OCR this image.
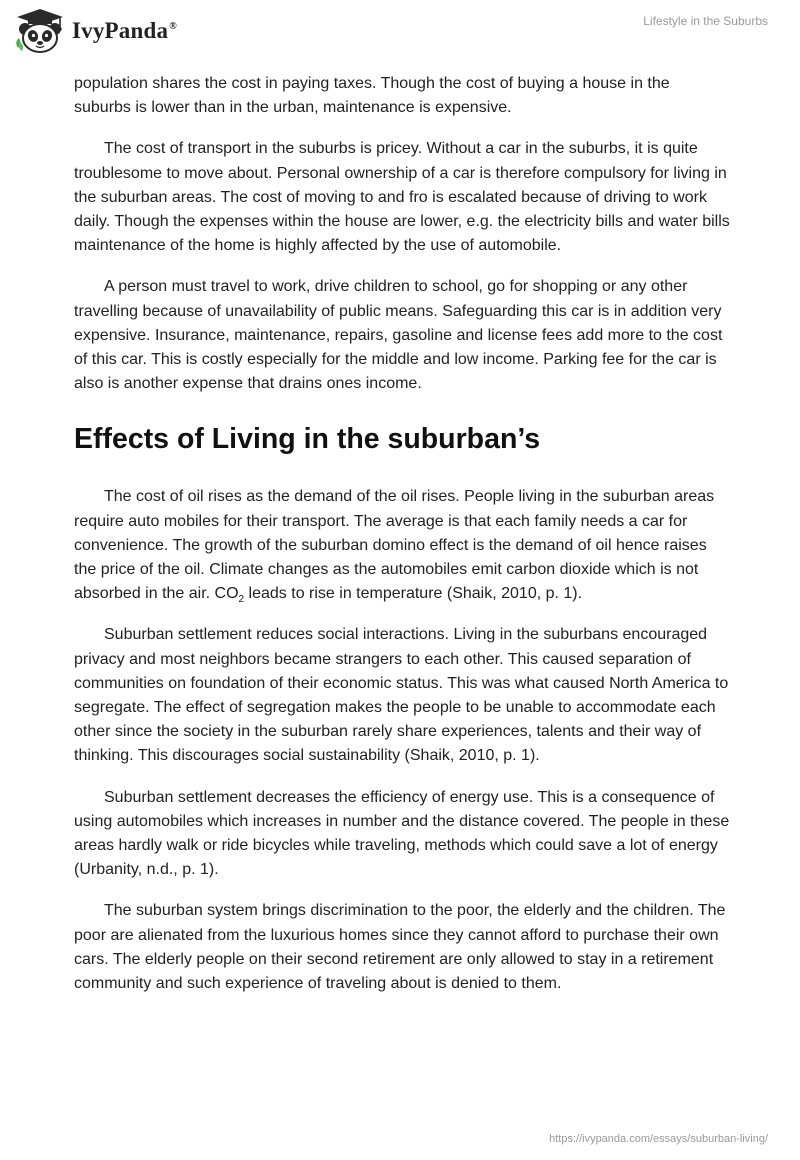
IvyPanda®	Lifestyle in the Suburbs

population shares the cost in paying taxes. Though the cost of buying a house in the suburbs is lower than in the urban, maintenance is expensive.

The cost of transport in the suburbs is pricey. Without a car in the suburbs, it is quite troublesome to move about. Personal ownership of a car is therefore compulsory for living in the suburban areas. The cost of moving to and fro is escalated because of driving to work daily. Though the expenses within the house are lower, e.g. the electricity bills and water bills maintenance of the home is highly affected by the use of automobile.

A person must travel to work, drive children to school, go for shopping or any other travelling because of unavailability of public means. Safeguarding this car is in addition very expensive. Insurance, maintenance, repairs, gasoline and license fees add more to the cost of this car. This is costly especially for the middle and low income. Parking fee for the car is also is another expense that drains ones income.

Effects of Living in the suburban’s

The cost of oil rises as the demand of the oil rises. People living in the suburban areas require auto mobiles for their transport. The average is that each family needs a car for convenience. The growth of the suburban domino effect is the demand of oil hence raises the price of the oil. Climate changes as the automobiles emit carbon dioxide which is not absorbed in the air. $CO_2$ leads to rise in temperature (Shaik, 2010, p. 1).

Suburban settlement reduces social interactions. Living in the suburbans encouraged privacy and most neighbors became strangers to each other. This caused separation of communities on foundation of their economic status. This was what caused North America to segregate. The effect of segregation makes the people to be unable to accommodate each other since the society in the suburban rarely share experiences, talents and their way of thinking. This discourages social sustainability (Shaik, 2010, p. 1).

Suburban settlement decreases the efficiency of energy use. This is a consequence of using automobiles which increases in number and the distance covered. The people in these areas hardly walk or ride bicycles while traveling, methods which could save a lot of energy (Urbanity, n.d., p. 1).

The suburban system brings discrimination to the poor, the elderly and the children. The poor are alienated from the luxurious homes since they cannot afford to purchase their own cars. The elderly people on their second retirement are only allowed to stay in a retirement community and such experience of traveling about is denied to them.

https://ivypanda.com/essays/suburban-living/
